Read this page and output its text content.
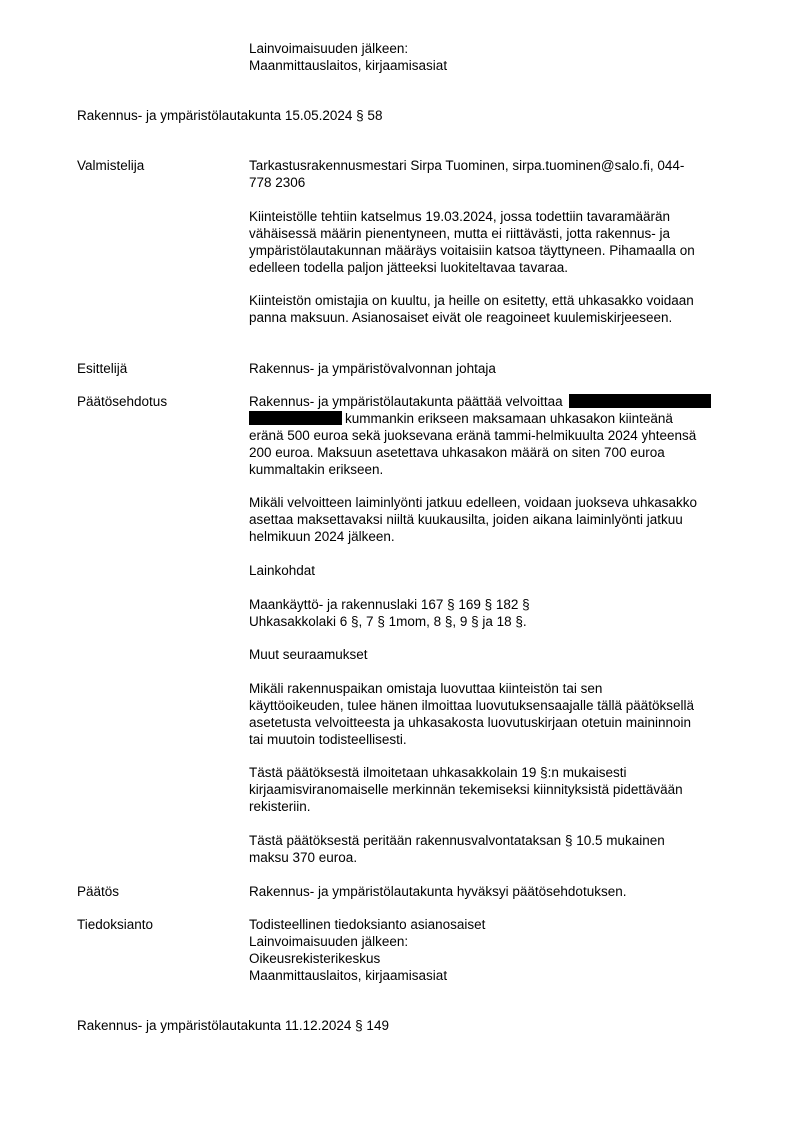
Lainvoimaisuuden jälkeen:

Maanmittauslaitos, kirjaamisasiat

Rakennus- ja ympäristölautakunta 15.05.2024 § 58
Valmistelija	Tarkastusrakennusmestari Sirpa Tuominen, sirpa.tuominen@salo.fi, 044-

778 2306

Kiinteistölle tehtiin katselmus 19.03.2024, jossa todettiin tavaramäärän

vähäisessä määrin pienentyneen, mutta ei riittävästi, jotta rakennus- ja

ympäristölautakunnan määräys voitaisiin katsoa täyttyneen. Pihamaalla on

edelleen todella paljon jätteeksi luokiteltavaa tavaraa.

Kiinteistön omistajia on kuultu, ja heille on esitetty, että uhkasakko voidaan

panna maksuun. Asianosaiset eivät ole reagoineet kuulemiskirjeeseen.

Esittelijä	Rakennus- ja ympäristövalvonnan johtaja
Päätösehdotus	Rakennus- ja ympäristölautakunta päättää velvoittaa

kummankin erikseen maksamaan uhkasakon kiinteänä

eränä 500 euroa sekä juoksevana eränä tammi-helmikuulta 2024 yhteensä

200 euroa. Maksuun asetettava uhkasakon määrä on siten 700 euroa

kummaltakin erikseen.

Mikäli velvoitteen laiminlyönti jatkuu edelleen, voidaan juokseva uhkasakko

asettaa maksettavaksi niiltä kuukausilta, joiden aikana laiminlyönti jatkuu

helmikuun 2024 jälkeen.

Lainkohdat

Maankäyttö- ja rakennuslaki 167 § 169 § 182 §

Uhkasakkolaki 6 §, 7 § 1mom, 8 §, 9 § ja 18 §.

Muut seuraamukset

Mikäli rakennuspaikan omistaja luovuttaa kiinteistön tai sen

käyttöoikeuden, tulee hänen ilmoittaa luovutuksensaajalle tällä päätöksellä

asetetusta velvoitteesta ja uhkasakosta luovutuskirjaan otetuin maininnoin

tai muutoin todisteellisesti.

Tästä päätöksestä ilmoitetaan uhkasakkolain 19 §:n mukaisesti

kirjaamisviranomaiselle merkinnän tekemiseksi kiinnityksistä pidettävään

rekisteriin.

Tästä päätöksestä peritään rakennusvalvontataksan § 10.5 mukainen

maksu 370 euroa.

Päätös	Rakennus- ja ympäristölautakunta hyväksyi päätösehdotuksen.
Tiedoksianto	Todisteellinen tiedoksianto asianosaiset

Lainvoimaisuuden jälkeen:

Oikeusrekisterikeskus

Maanmittauslaitos, kirjaamisasiat

Rakennus- ja ympäristölautakunta 11.12.2024 § 149
